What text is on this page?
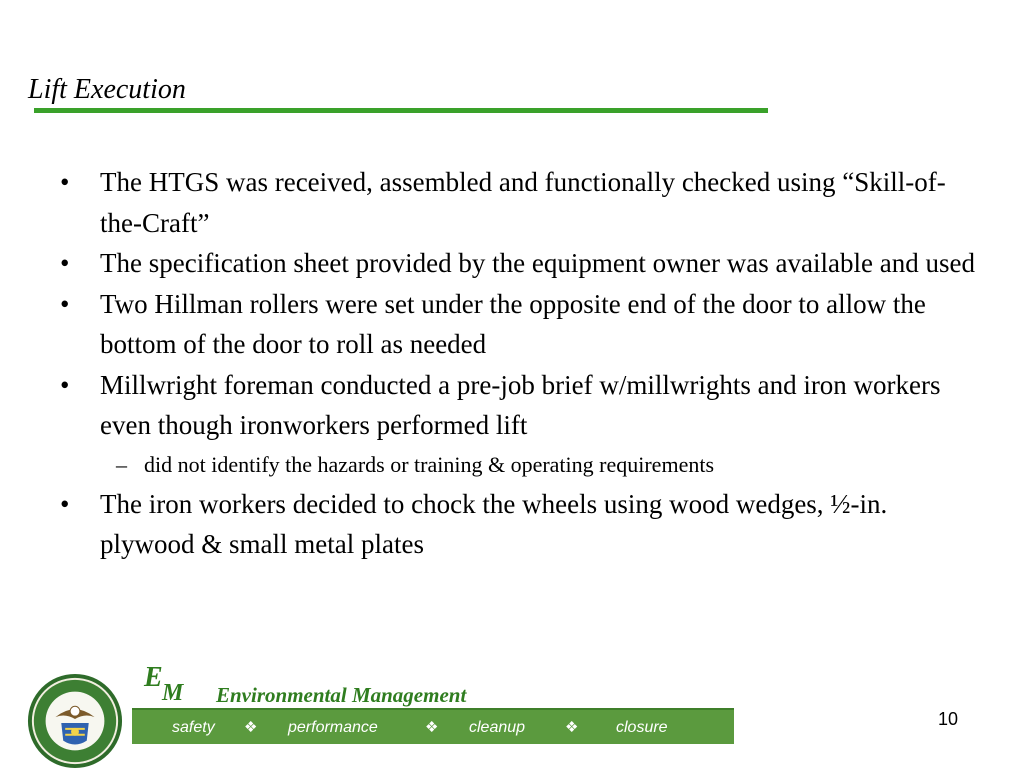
Lift Execution
• The HTGS was received, assembled and functionally checked using “Skill-of-the-Craft”
• The specification sheet provided by the equipment owner was available and used
• Two Hillman rollers were set under the opposite end of the door to allow the bottom of the door to roll as needed
• Millwright foreman conducted a pre-job brief w/millwrights and iron workers even though ironworkers performed lift
– did not identify the hazards or training & operating requirements
• The iron workers decided to chock the wheels using wood wedges, ½-in. plywood & small metal plates
E M Environmental Management
safety ❖ performance	❖ cleanup	❖ closure	10
